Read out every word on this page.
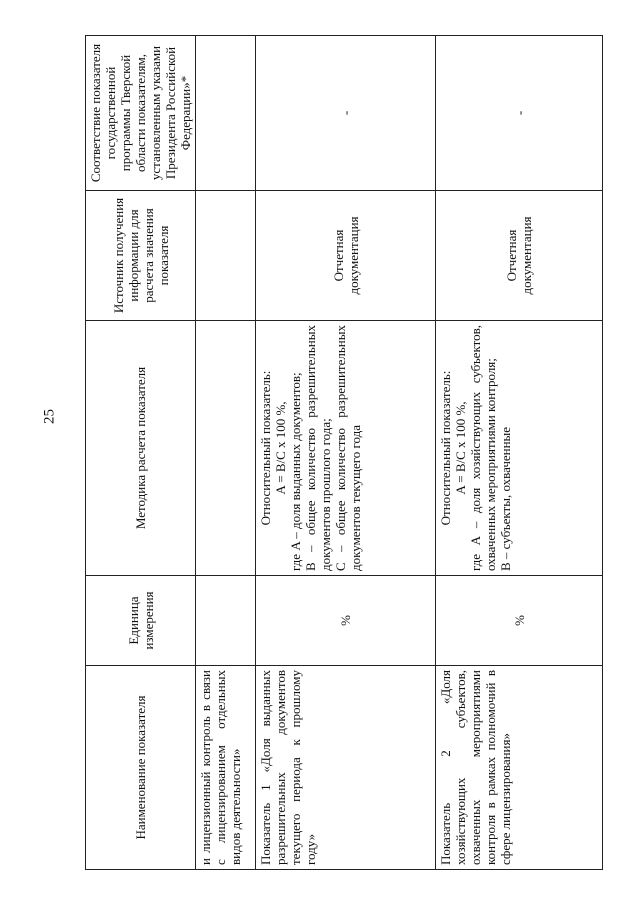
25
Наименование показателя	Единица измерения	Методика расчета показателя	Источник получения информации для расчета значения показателя	Соответствие показателя государственной программы Тверской области показателям, установленным указами Президента Российской Федерации»*
и лицензионный контроль в связи с лицензированием отдельных видов деятельности»				
Показатель 1 «Доля выданных разрешительных документов текущего периода к прошлому году»	%	Относительный показатель: A = B/C x 100 %, где A – доля выданных документов; B – общее количество разрешительных документов прошлого года; C – общее количество разрешительных документов текущего года	Отчетная документация	-
Показатель 2 «Доля хозяйствующих субъектов, охваченных мероприятиями контроля в рамках полномочий в сфере лицензирования»	%	Относительный показатель: A = B/C x 100 %, где A – доля хозяйствующих субъектов, охваченных мероприятиями контроля; B – субъекты, охваченные	Отчетная документация	-
